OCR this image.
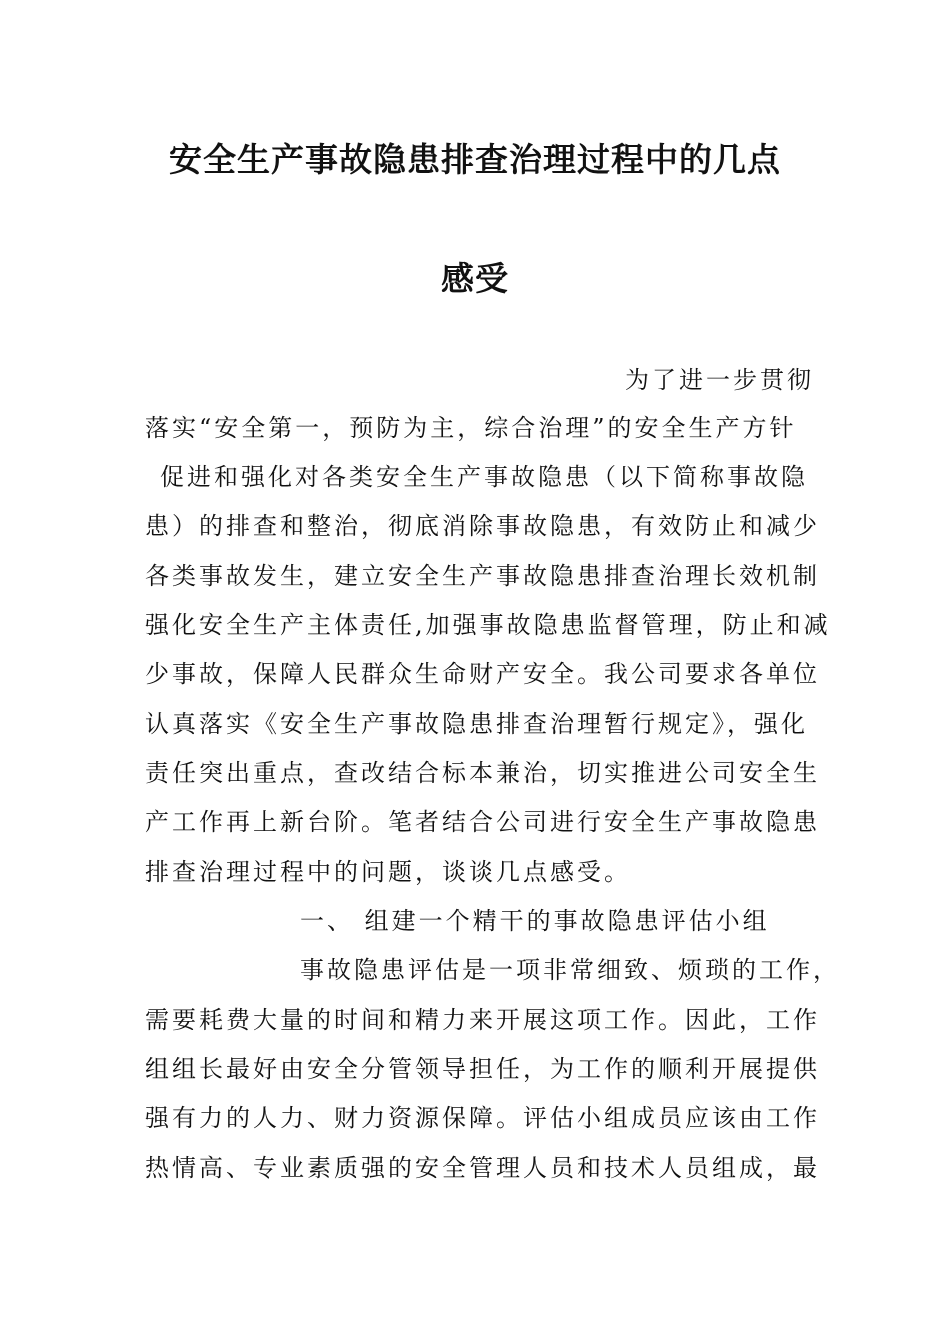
安全生产事故隐患排查治理过程中的几点
感受
为了进一步贯彻
落实“安全第一，预防为主，综合治理”的安全生产方针
促进和强化对各类安全生产事故隐患（以下简称事故隐
患）的排查和整治，彻底消除事故隐患，有效防止和减少
各类事故发生，建立安全生产事故隐患排查治理长效机制
强化安全生产主体责任,加强事故隐患监督管理，防止和减
少事故，保障人民群众生命财产安全。我公司要求各单位
认真落实《安全生产事故隐患排查治理暂行规定》，强化
责任突出重点，查改结合标本兼治，切实推进公司安全生
产工作再上新台阶。笔者结合公司进行安全生产事故隐患
排查治理过程中的问题，谈谈几点感受。
一、 组建一个精干的事故隐患评估小组
事故隐患评估是一项非常细致、烦琐的工作，
需要耗费大量的时间和精力来开展这项工作。因此，工作
组组长最好由安全分管领导担任，为工作的顺利开展提供
强有力的人力、财力资源保障。评估小组成员应该由工作
热情高、专业素质强的安全管理人员和技术人员组成，最
